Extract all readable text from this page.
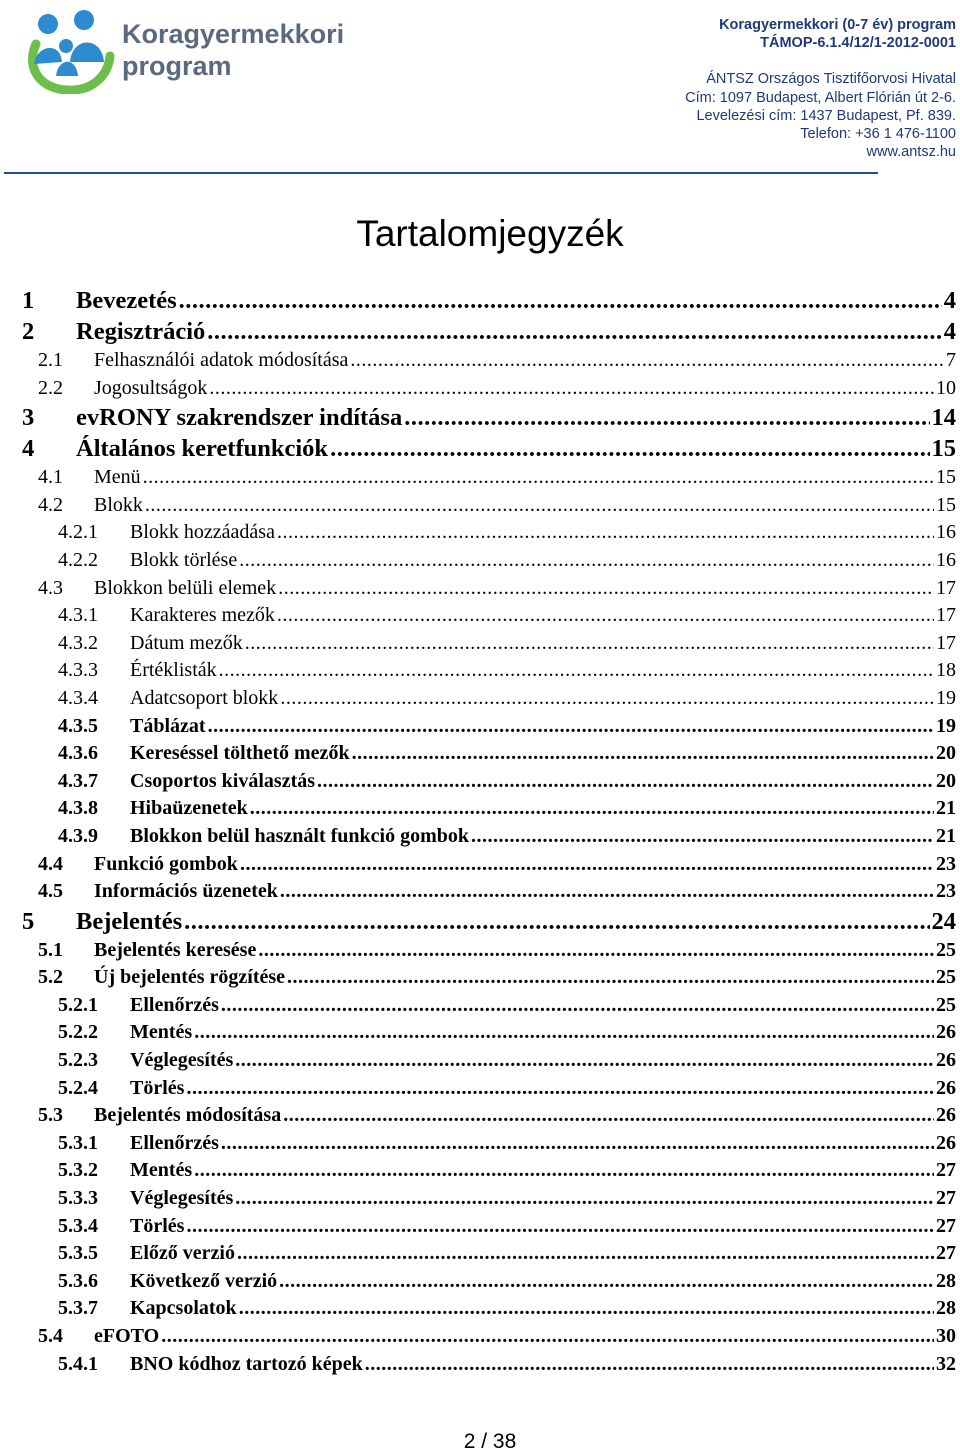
Koragyermekkori
program
Koragyermekkori (0-7 év) program
TÁMOP-6.1.4/12/1-2012-0001
ÁNTSZ Országos Tisztifőorvosi Hivatal
Cím: 1097 Budapest, Albert Flórián út 2-6.
Levelezési cím: 1437 Budapest, Pf. 839.
Telefon: +36 1 476-1100
www.antsz.hu
Tartalomjegyzék
1	Bevezetés .....	4
2	Regisztráció .....	4
2.1	Felhasználói adatok módosítása .....	7
2.2	Jogosultságok .....	10
3	evRONY szakrendszer indítása .....	14
4	Általános keretfunkciók .....	15
4.1	Menü .....	15
4.2	Blokk .....	15
4.2.1	Blokk hozzáadása .....	16
4.2.2	Blokk törlése .....	16
4.3	Blokkon belüli elemek .....	17
4.3.1	Karakteres mezők .....	17
4.3.2	Dátum mezők .....	17
4.3.3	Értéklisták .....	18
4.3.4	Adatcsoport blokk .....	19
4.3.5	Táblázat .....	19
4.3.6	Kereséssel tölthető mezők .....	20
4.3.7	Csoportos kiválasztás .....	20
4.3.8	Hibaüzenetek .....	21
4.3.9	Blokkon belül használt funkció gombok .....	21
4.4	Funkció gombok .....	23
4.5	Információs üzenetek .....	23
5	Bejelentés .....	24
5.1	Bejelentés keresése .....	25
5.2	Új bejelentés rögzítése .....	25
5.2.1	Ellenőrzés .....	25
5.2.2	Mentés .....	26
5.2.3	Véglegesítés .....	26
5.2.4	Törlés .....	26
5.3	Bejelentés módosítása .....	26
5.3.1	Ellenőrzés .....	26
5.3.2	Mentés .....	27
5.3.3	Véglegesítés .....	27
5.3.4	Törlés .....	27
5.3.5	Előző verzió .....	27
5.3.6	Következő verzió .....	28
5.3.7	Kapcsolatok .....	28
5.4	eFOTO .....	30
5.4.1	BNO kódhoz tartozó képek .....	32
2 / 38
